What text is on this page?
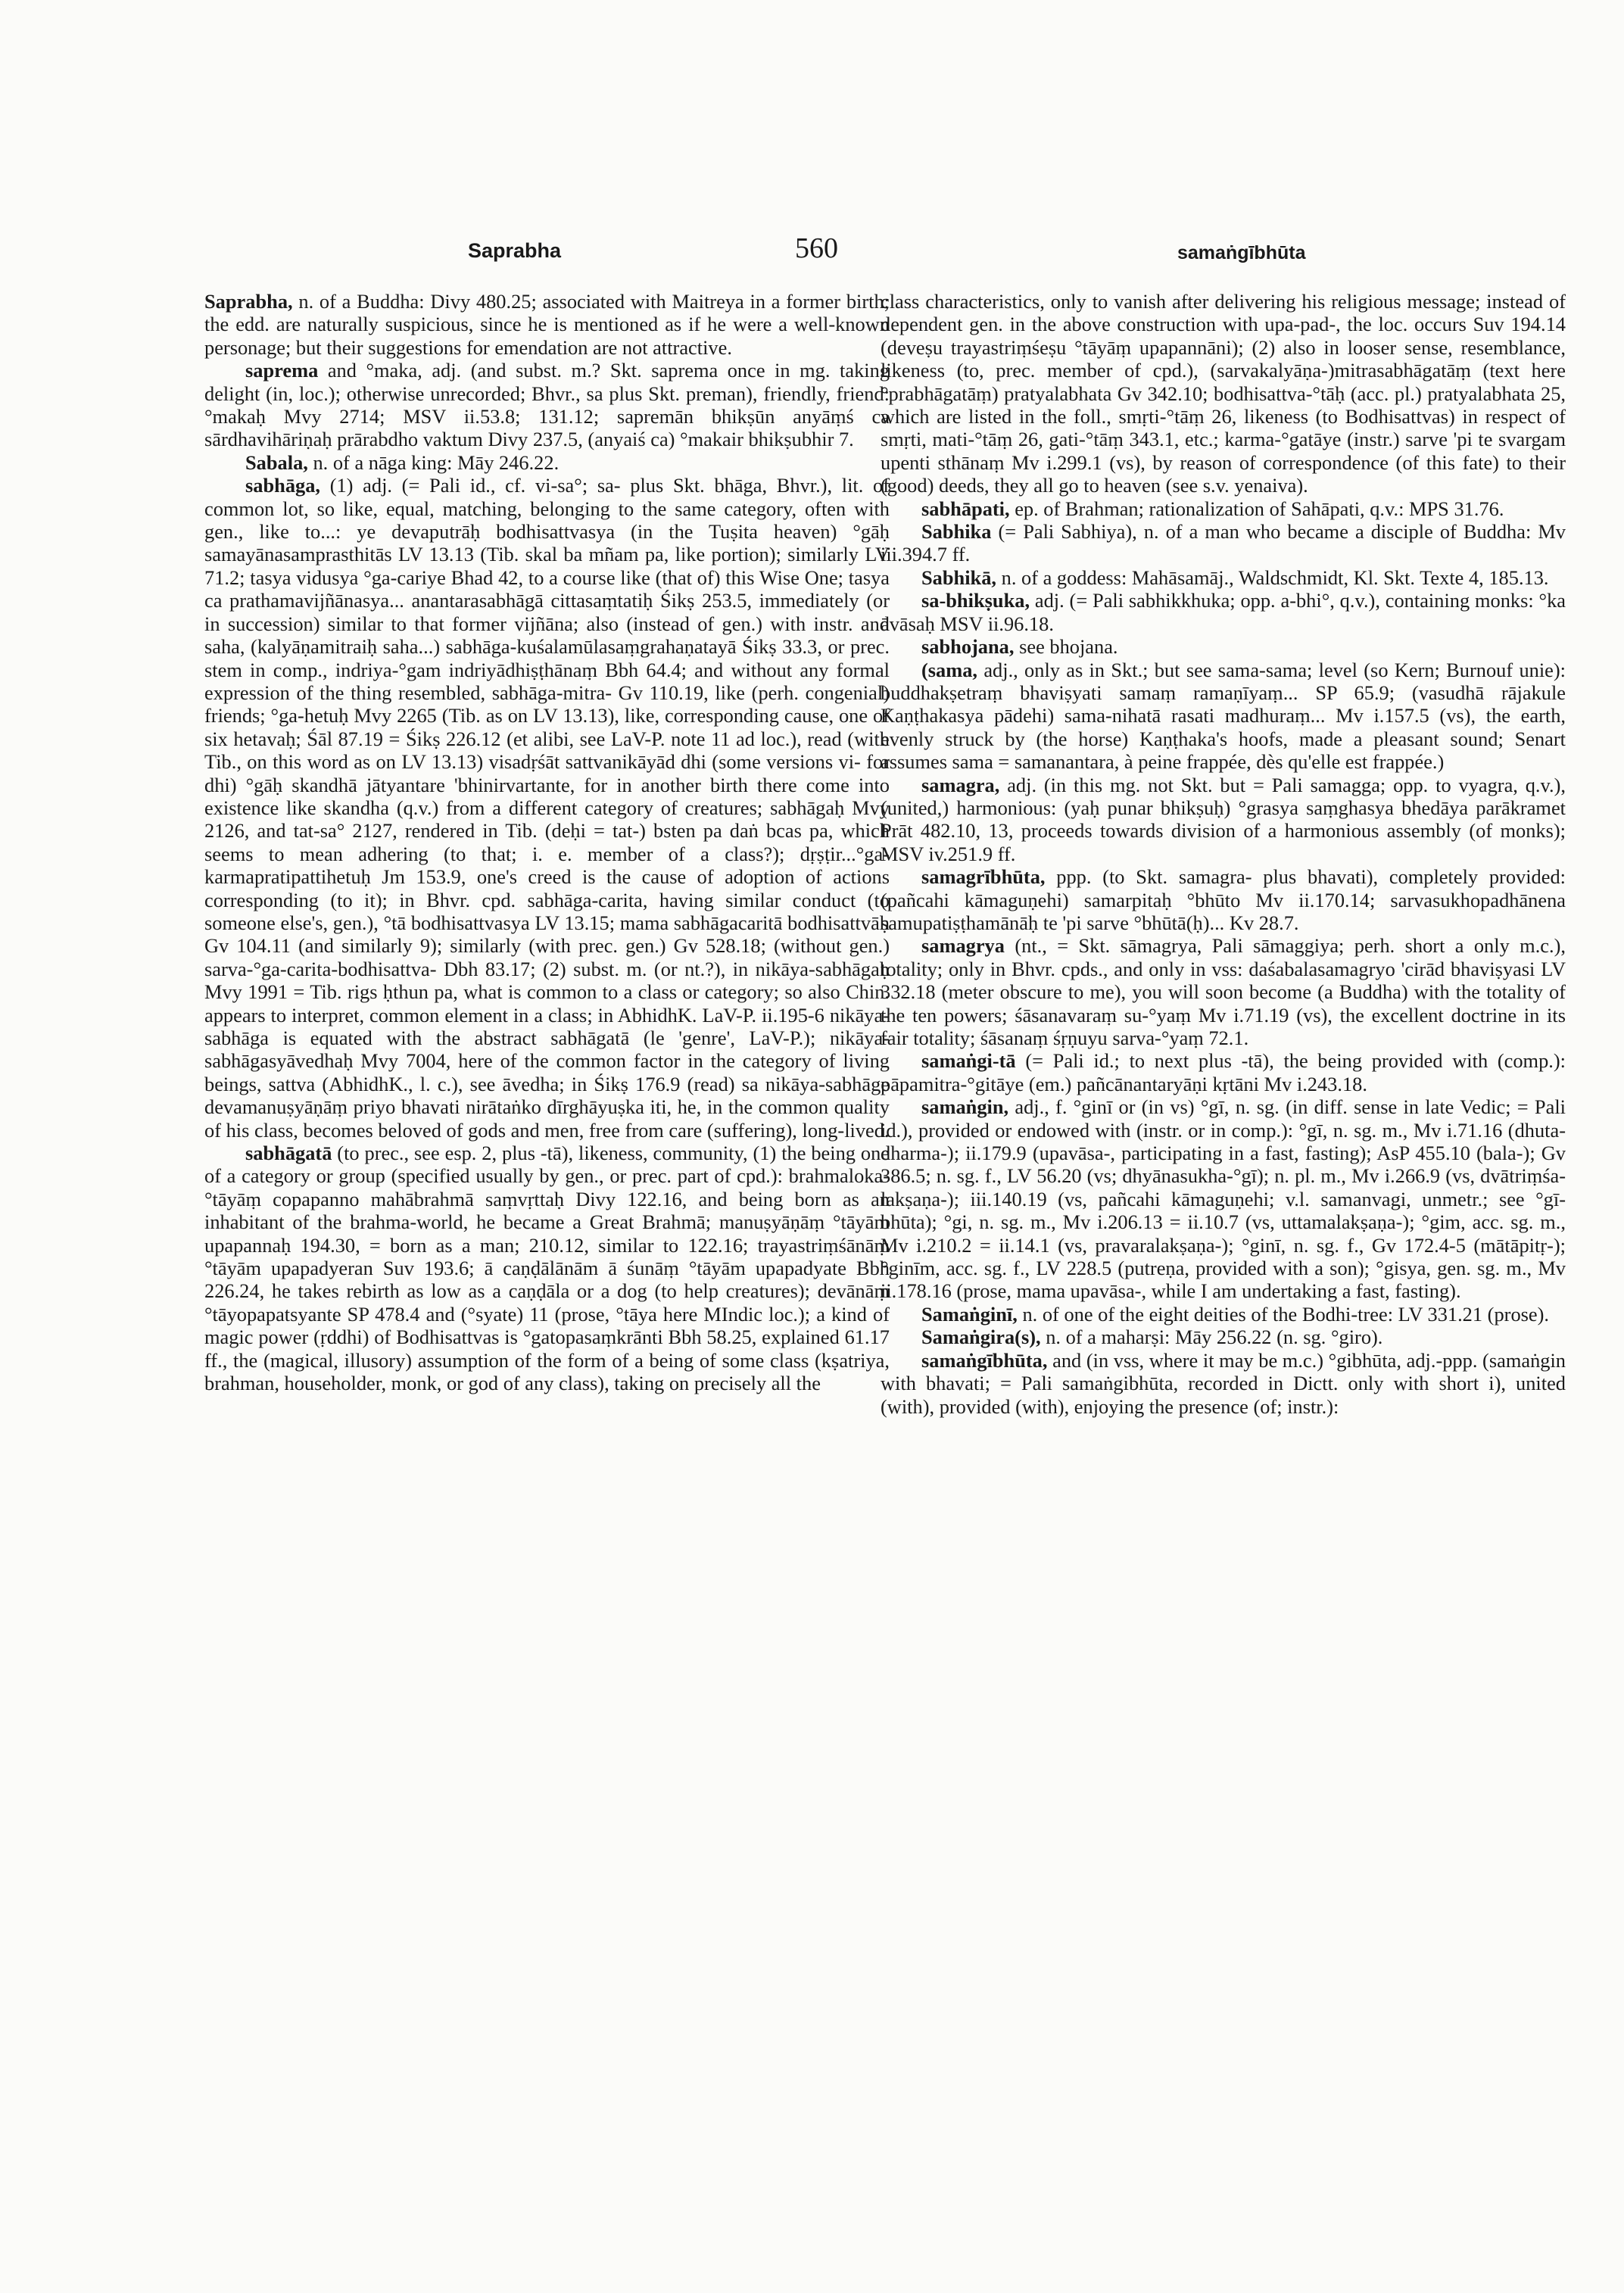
Saprabha	560	samaṅgībhūta

Saprabha, n. of a Buddha: Divy 480.25; associated with Maitreya in a former birth; the edd. are naturally suspicious, since he is mentioned as if he were a well-known personage; but their suggestions for emendation are not attractive.

saprema and °maka, adj. (and subst. m.? Skt. saprema once in mg. taking delight (in, loc.); otherwise unrecorded; Bhvr., sa plus Skt. preman), friendly, friend: °makaḥ Mvy 2714; MSV ii.53.8; 131.12; sapremān bhikṣūn anyāṃś ca sārdhavihāriṇaḥ prārabdho vaktum Divy 237.5, (anyaiś ca) °makair bhikṣubhir 7.

Sabala, n. of a nāga king: Māy 246.22.

sabhāga, (1) adj. (= Pali id., cf. vi-sa°; sa- plus Skt. bhāga, Bhvr.), lit. of common lot, so like, equal, matching, belonging to the same category, often with gen., like to...: ye devaputrāḥ bodhisattvasya (in the Tuṣita heaven) °gāḥ samayānasamprasthitās LV 13.13 (Tib. skal ba mñam pa, like portion); similarly LV 71.2; tasya vidusya °ga-cariye Bhad 42, to a course like (that of) this Wise One; tasya ca prathamavijñānasya... anantarasabhāgā cittasaṃtatiḥ Śikṣ 253.5, immediately (or in succession) similar to that former vijñāna; also (instead of gen.) with instr. and saha, (kalyāṇamitraiḥ saha...) sabhāga-kuśalamūlasaṃgrahaṇatayā Śikṣ 33.3, or prec. stem in comp., indriya-°gam indriyādhiṣṭhānaṃ Bbh 64.4; and without any formal expression of the thing resembled, sabhāga-mitra- Gv 110.19, like (perh. congenial) friends; °ga-hetuḥ Mvy 2265 (Tib. as on LV 13.13), like, corresponding cause, one of six hetavaḥ; Śāl 87.19 = Śikṣ 226.12 (et alibi, see LaV-P. note 11 ad loc.), read (with Tib., on this word as on LV 13.13) visadṛśāt sattvanikāyād dhi (some versions vi- for dhi) °gāḥ skandhā jātyantare 'bhinirvartante, for in another birth there come into existence like skandha (q.v.) from a different category of creatures; sabhāgaḥ Mvy 2126, and tat-sa° 2127, rendered in Tib. (deḥi = tat-) bsten pa daṅ bcas pa, which seems to mean adhering (to that; i. e. member of a class?); dṛṣṭir...°ga-karmapratipattihetuḥ Jm 153.9, one's creed is the cause of adoption of actions corresponding (to it); in Bhvr. cpd. sabhāga-carita, having similar conduct (to someone else's, gen.), °tā bodhisattvasya LV 13.15; mama sabhāgacaritā bodhisattvāḥ Gv 104.11 (and similarly 9); similarly (with prec. gen.) Gv 528.18; (without gen.) sarva-°ga-carita-bodhisattva- Dbh 83.17; (2) subst. m. (or nt.?), in nikāya-sabhāgaḥ Mvy 1991 = Tib. rigs ḥthun pa, what is common to a class or category; so also Chin. appears to interpret, common element in a class; in AbhidhK. LaV-P. ii.195-6 nikāya-sabhāga is equated with the abstract sabhāgatā (le 'genre', LaV-P.); nikāya-sabhāgasyāvedhaḥ Mvy 7004, here of the common factor in the category of living beings, sattva (AbhidhK., l. c.), see āvedha; in Śikṣ 176.9 (read) sa nikāya-sabhāge devamanuṣyāṇāṃ priyo bhavati nirātaṅko dīrghāyuṣka iti, he, in the common quality of his class, becomes beloved of gods and men, free from care (suffering), long-lived.

sabhāgatā (to prec., see esp. 2, plus -tā), likeness, community, (1) the being one of a category or group (specified usually by gen., or prec. part of cpd.): brahmaloka-°tāyāṃ copapanno mahābrahmā saṃvṛttaḥ Divy 122.16, and being born as an inhabitant of the brahma-world, he became a Great Brahmā; manuṣyāṇāṃ °tāyām upapannaḥ 194.30, = born as a man; 210.12, similar to 122.16; trayastriṃśānāṃ °tāyām upapadyeran Suv 193.6; ā caṇḍālānām ā śunāṃ °tāyām upapadyate Bbh 226.24, he takes rebirth as low as a caṇḍāla or a dog (to help creatures); devānāṃ °tāyopapatsyante SP 478.4 and (°syate) 11 (prose, °tāya here MIndic loc.); a kind of magic power (ṛddhi) of Bodhisattvas is °gatopasaṃkrānti Bbh 58.25, explained 61.17 ff., the (magical, illusory) assumption of the form of a being of some class (kṣatriya, brahman, householder, monk, or god of any class), taking on precisely all the

class characteristics, only to vanish after delivering his religious message; instead of dependent gen. in the above construction with upa-pad-, the loc. occurs Suv 194.14 (deveṣu trayastriṃśeṣu °tāyāṃ upapannāni); (2) also in looser sense, resemblance, likeness (to, prec. member of cpd.), (sarvakalyāṇa-)mitrasabhāgatāṃ (text here °prabhāgatāṃ) pratyalabhata Gv 342.10; bodhisattva-°tāḥ (acc. pl.) pratyalabhata 25, which are listed in the foll., smṛti-°tāṃ 26, likeness (to Bodhisattvas) in respect of smṛti, mati-°tāṃ 26, gati-°tāṃ 343.1, etc.; karma-°gatāye (instr.) sarve 'pi te svargam upenti sthānaṃ Mv i.299.1 (vs), by reason of correspondence (of this fate) to their (good) deeds, they all go to heaven (see s.v. yenaiva).

sabhāpati, ep. of Brahman; rationalization of Sahāpati, q.v.: MPS 31.76.

Sabhika (= Pali Sabhiya), n. of a man who became a disciple of Buddha: Mv iii.394.7 ff.

Sabhikā, n. of a goddess: Mahāsamāj., Waldschmidt, Kl. Skt. Texte 4, 185.13.

sa-bhikṣuka, adj. (= Pali sabhikkhuka; opp. a-bhi°, q.v.), containing monks: °ka āvāsaḥ MSV ii.96.18.

sabhojana, see bhojana.

(sama, adj., only as in Skt.; but see sama-sama; level (so Kern; Burnouf unie): buddhakṣetraṃ bhaviṣyati samaṃ ramaṇīyaṃ... SP 65.9; (vasudhā rājakule Kaṇṭhakasya pādehi) sama-nihatā rasati madhuraṃ... Mv i.157.5 (vs), the earth, evenly struck by (the horse) Kaṇṭhaka's hoofs, made a pleasant sound; Senart assumes sama = samanantara, à peine frappée, dès qu'elle est frappée.)

samagra, adj. (in this mg. not Skt. but = Pali samagga; opp. to vyagra, q.v.), (united,) harmonious: (yaḥ punar bhikṣuḥ) °grasya saṃghasya bhedāya parākramet Prāt 482.10, 13, proceeds towards division of a harmonious assembly (of monks); MSV iv.251.9 ff.

samagrībhūta, ppp. (to Skt. samagra- plus bhavati), completely provided: (pañcahi kāmaguṇehi) samarpitaḥ °bhūto Mv ii.170.14; sarvasukhopadhānena samupatiṣṭhamānāḥ te 'pi sarve °bhūtā(ḥ)... Kv 28.7.

samagrya (nt., = Skt. sāmagrya, Pali sāmaggiya; perh. short a only m.c.), totality; only in Bhvr. cpds., and only in vss: daśabalasamagryo 'cirād bhaviṣyasi LV 332.18 (meter obscure to me), you will soon become (a Buddha) with the totality of the ten powers; śāsanavaraṃ su-°yaṃ Mv i.71.19 (vs), the excellent doctrine in its fair totality; śāsanaṃ śṛṇuyu sarva-°yaṃ 72.1.

samaṅgi-tā (= Pali id.; to next plus -tā), the being provided with (comp.): pāpamitra-°gitāye (em.) pañcānantaryāṇi kṛtāni Mv i.243.18.

samaṅgin, adj., f. °ginī or (in vs) °gī, n. sg. (in diff. sense in late Vedic; = Pali id.), provided or endowed with (instr. or in comp.): °gī, n. sg. m., Mv i.71.16 (dhuta-dharma-); ii.179.9 (upavāsa-, participating in a fast, fasting); AsP 455.10 (bala-); Gv 386.5; n. sg. f., LV 56.20 (vs; dhyānasukha-°gī); n. pl. m., Mv i.266.9 (vs, dvātriṃśa-lakṣaṇa-); iii.140.19 (vs, pañcahi kāmaguṇehi; v.l. samanvagi, unmetr.; see °gī-bhūta); °gi, n. sg. m., Mv i.206.13 = ii.10.7 (vs, uttamalakṣaṇa-); °gim, acc. sg. m., Mv i.210.2 = ii.14.1 (vs, pravaralakṣaṇa-); °ginī, n. sg. f., Gv 172.4-5 (mātāpitṛ-); °ginīm, acc. sg. f., LV 228.5 (putreṇa, provided with a son); °gisya, gen. sg. m., Mv ii.178.16 (prose, mama upavāsa-, while I am undertaking a fast, fasting).

Samaṅginī, n. of one of the eight deities of the Bodhi-tree: LV 331.21 (prose).

Samaṅgira(s), n. of a maharṣi: Māy 256.22 (n. sg. °giro).

samaṅgībhūta, and (in vss, where it may be m.c.) °gibhūta, adj.-ppp. (samaṅgin with bhavati; = Pali samaṅgibhūta, recorded in Dictt. only with short i), united (with), provided (with), enjoying the presence (of; instr.):
